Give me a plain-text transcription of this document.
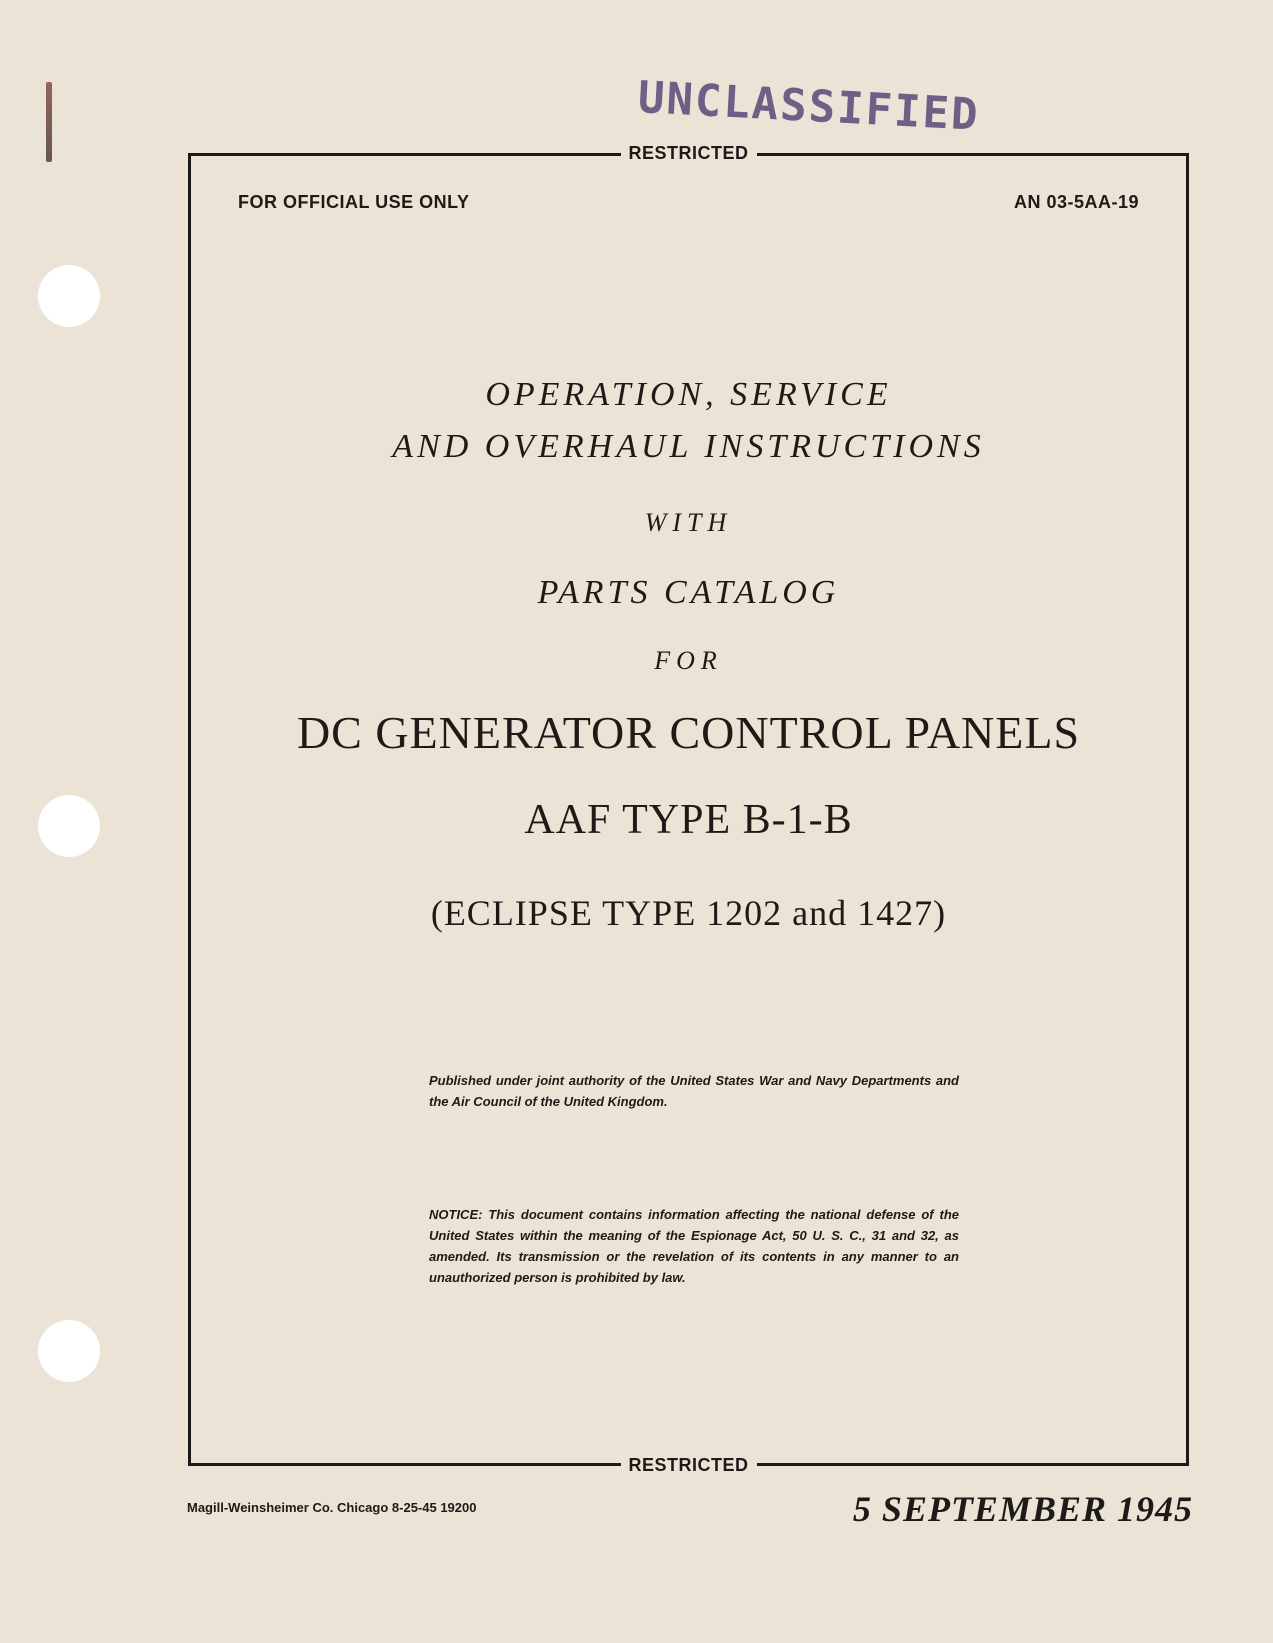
UNCLASSIFIED
RESTRICTED
FOR OFFICIAL USE ONLY	AN 03-5AA-19
OPERATION, SERVICE
AND OVERHAUL INSTRUCTIONS
WITH
PARTS CATALOG
FOR
DC GENERATOR CONTROL PANELS
AAF TYPE B-1-B
(ECLIPSE TYPE 1202 and 1427)
Published under joint authority of the United States War and Navy Departments and the Air Council of the United Kingdom.
NOTICE: This document contains information affecting the national defense of the United States within the meaning of the Espionage Act, 50 U. S. C., 31 and 32, as amended. Its transmission or the revelation of its contents in any manner to an unauthorized person is prohibited by law.
RESTRICTED
Magill-Weinsheimer Co. Chicago 8-25-45 19200	5 SEPTEMBER 1945
